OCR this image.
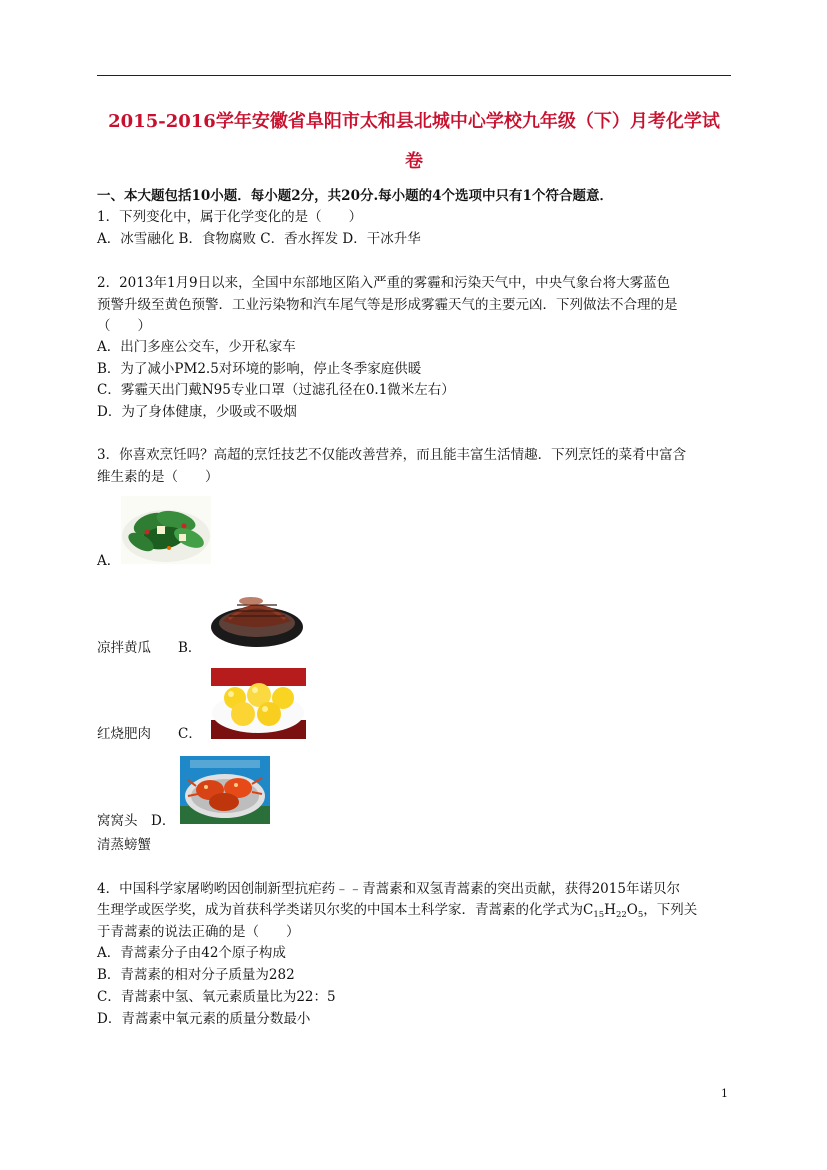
2015-2016学年安徽省阜阳市太和县北城中心学校九年级（下）月考化学试
卷
一、本大题包括10小题．每小题2分，共20分.每小题的4个选项中只有1个符合题意．
1．下列变化中，属于化学变化的是（　　）
A．冰雪融化 B．食物腐败 C．香水挥发 D．干冰升华
2．2013年1月9日以来，全国中东部地区陷入严重的雾霾和污染天气中，中央气象台将大雾蓝色
预警升级至黄色预警．工业污染物和汽车尾气等是形成雾霾天气的主要元凶．下列做法不合理的是
（　　）
A．出门多座公交车，少开私家车
B．为了减小PM2.5对环境的影响，停止冬季家庭供暖
C．雾霾天出门戴N95专业口罩（过滤孔径在0.1微米左右）
D．为了身体健康，少吸或不吸烟
3．你喜欢烹饪吗？高超的烹饪技艺不仅能改善营养，而且能丰富生活情趣．下列烹饪的菜肴中富含
维生素的是（　　）
A．
凉拌黄瓜　　B．
红烧肥肉　　C．
窝窝头　D．
清蒸螃蟹
4．中国科学家屠哟哟因创制新型抗疟药﹣﹣青蒿素和双氢青蒿素的突出贡献，获得2015年诺贝尔
生理学或医学奖，成为首获科学类诺贝尔奖的中国本土科学家．青蒿素的化学式为$C_{15}H_{22}O_5$，下列关
于青蒿素的说法正确的是（　　）
A．青蒿素分子由42个原子构成
B．青蒿素的相对分子质量为282
C．青蒿素中氢、氧元素质量比为22：5
D．青蒿素中氧元素的质量分数最小
1
